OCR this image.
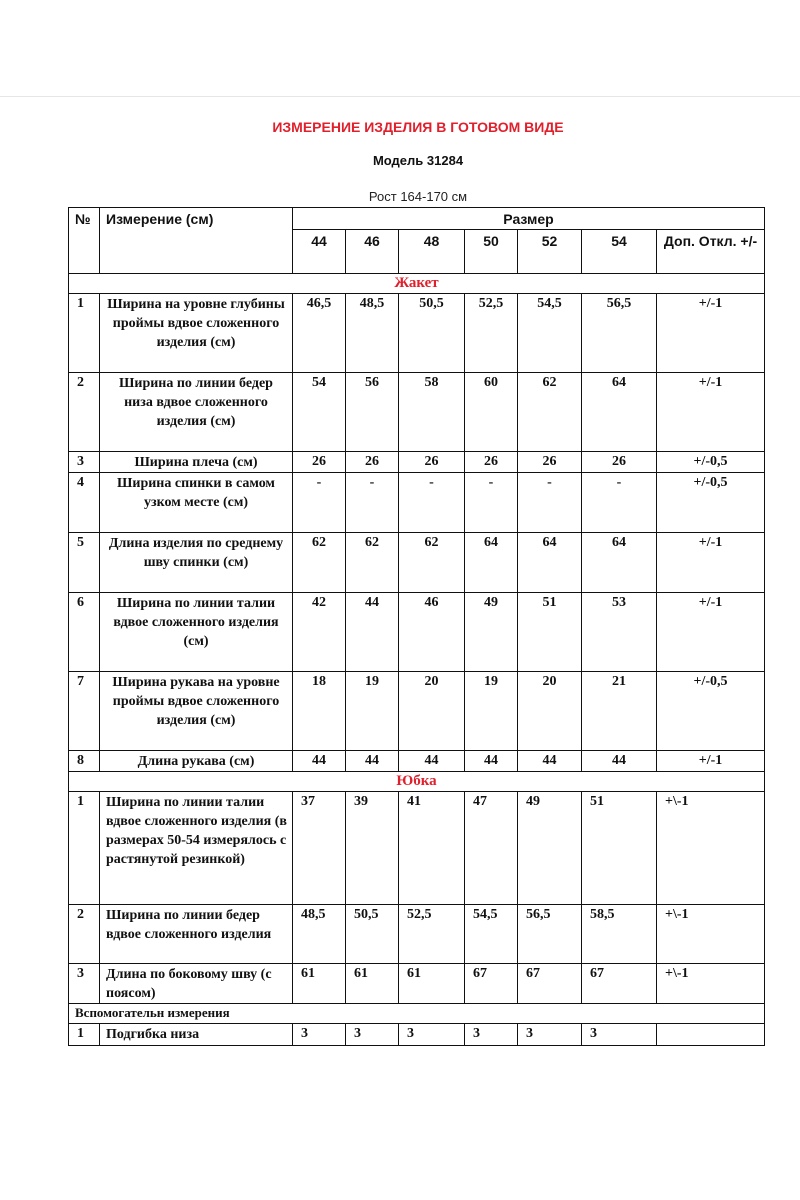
ИЗМЕРЕНИЕ ИЗДЕЛИЯ В ГОТОВОМ ВИДЕ
Модель 31284
Рост 164-170 см
№	Измерение (см)	Размер						
		44	46	48	50	52	54	Доп. Откл. +/-
Жакет								
1	Ширина на уровне глубины проймы вдвое сложенного изделия (см)	46,5	48,5	50,5	52,5	54,5	56,5	+/-1
2	Ширина по линии бедер низа вдвое сложенного изделия (см)	54	56	58	60	62	64	+/-1
3	Ширина плеча (см)	26	26	26	26	26	26	+/-0,5
4	Ширина спинки в самом узком месте (см)	-	-	-	-	-	-	+/-0,5
5	Длина изделия по среднему шву спинки (см)	62	62	62	64	64	64	+/-1
6	Ширина по линии талии вдвое сложенного изделия (см)	42	44	46	49	51	53	+/-1
7	Ширина рукава на уровне проймы вдвое сложенного изделия (см)	18	19	20	19	20	21	+/-0,5
8	Длина рукава (см)	44	44	44	44	44	44	+/-1
Юбка								
1	Ширина по линии талии вдвое сложенного изделия (в размерах 50-54 измерялось с растянутой резинкой)	37	39	41	47	49	51	+\-1
2	Ширина по линии бедер вдвое сложенного изделия	48,5	50,5	52,5	54,5	56,5	58,5	+\-1
3	Длина по боковому шву (с поясом)	61	61	61	67	67	67	+\-1
Вспомогательн измерения								
1	Подгибка низа	3	3	3	3	3	3	
